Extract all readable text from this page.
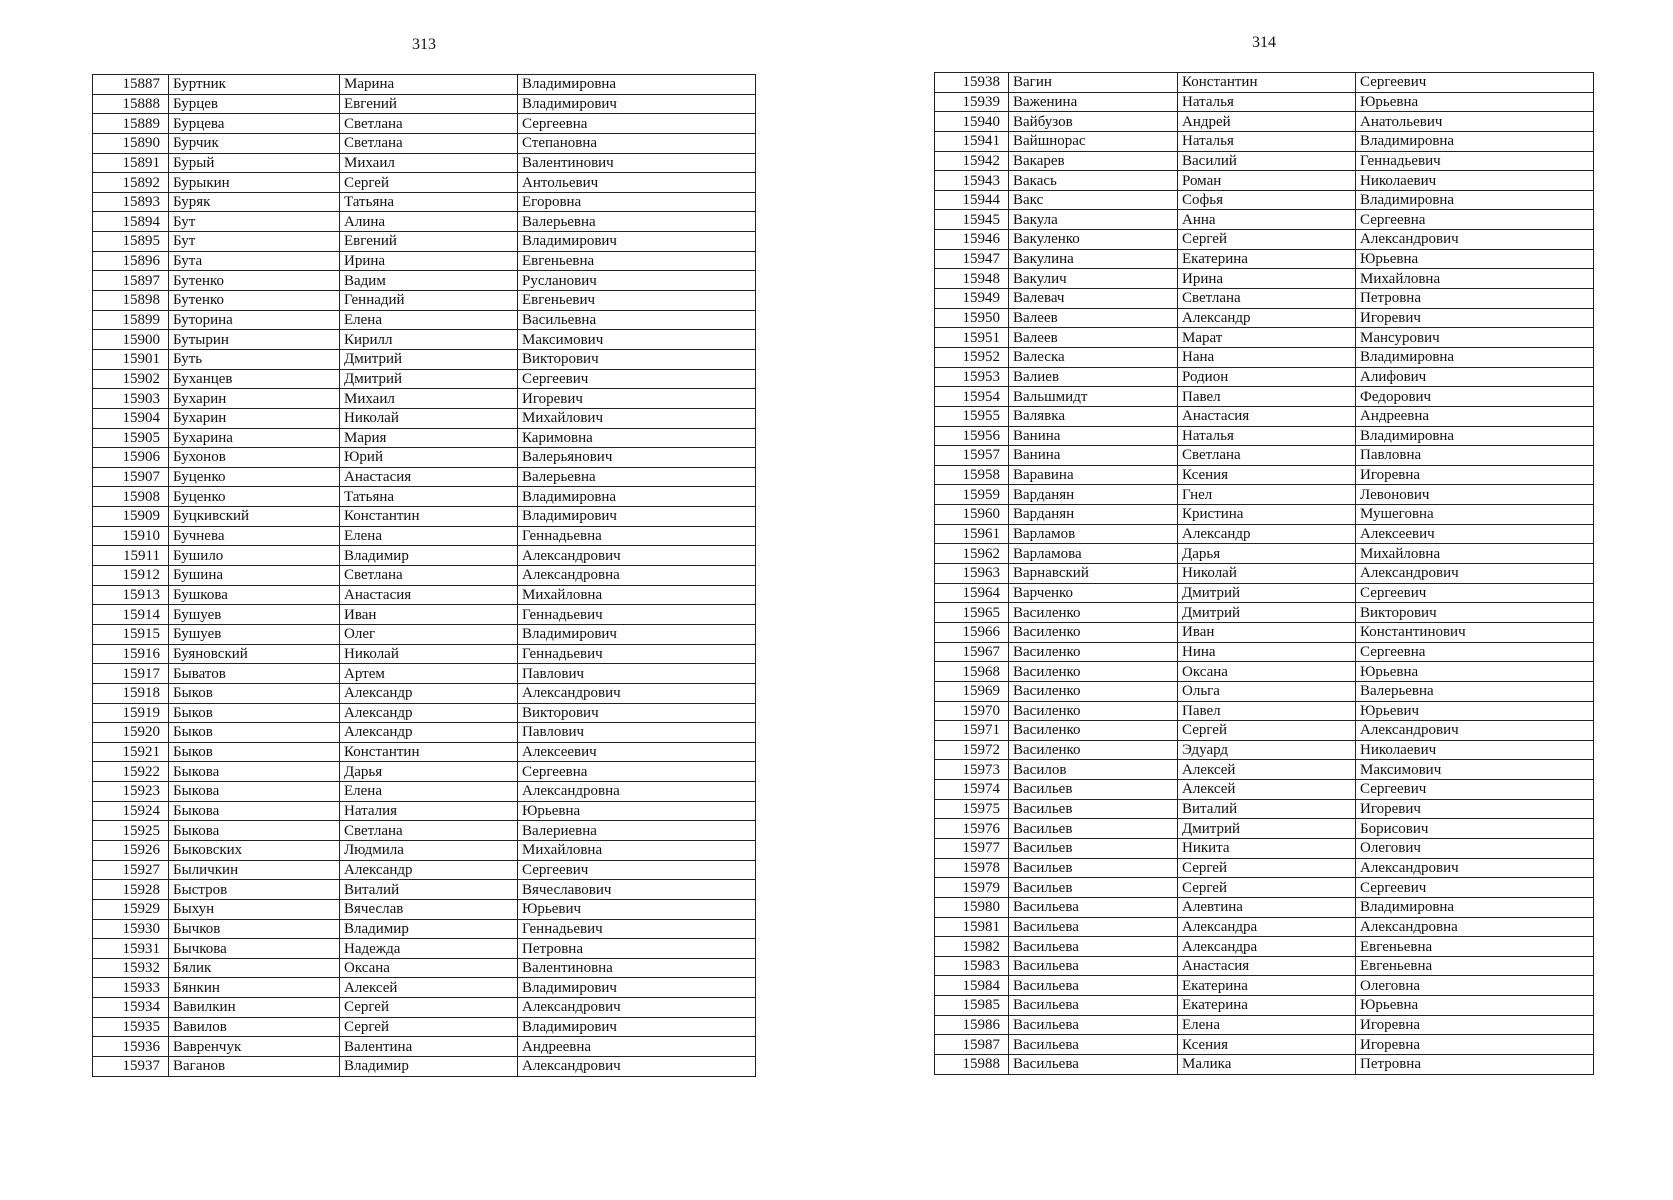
313
15887	Буртник	Марина	Владимировна
15888	Бурцев	Евгений	Владимирович
15889	Бурцева	Светлана	Сергеевна
15890	Бурчик	Светлана	Степановна
15891	Бурый	Михаил	Валентинович
15892	Бурыкин	Сергей	Антольевич
15893	Буряк	Татьяна	Егоровна
15894	Бут	Алина	Валерьевна
15895	Бут	Евгений	Владимирович
15896	Бута	Ирина	Евгеньевна
15897	Бутенко	Вадим	Русланович
15898	Бутенко	Геннадий	Евгеньевич
15899	Буторина	Елена	Васильевна
15900	Бутырин	Кирилл	Максимович
15901	Буть	Дмитрий	Викторович
15902	Буханцев	Дмитрий	Сергеевич
15903	Бухарин	Михаил	Игоревич
15904	Бухарин	Николай	Михайлович
15905	Бухарина	Мария	Каримовна
15906	Бухонов	Юрий	Валерьянович
15907	Буценко	Анастасия	Валерьевна
15908	Буценко	Татьяна	Владимировна
15909	Буцкивский	Константин	Владимирович
15910	Бучнева	Елена	Геннадьевна
15911	Бушило	Владимир	Александрович
15912	Бушина	Светлана	Александровна
15913	Бушкова	Анастасия	Михайловна
15914	Бушуев	Иван	Геннадьевич
15915	Бушуев	Олег	Владимирович
15916	Буяновский	Николай	Геннадьевич
15917	Быватов	Артем	Павлович
15918	Быков	Александр	Александрович
15919	Быков	Александр	Викторович
15920	Быков	Александр	Павлович
15921	Быков	Константин	Алексеевич
15922	Быкова	Дарья	Сергеевна
15923	Быкова	Елена	Александровна
15924	Быкова	Наталия	Юрьевна
15925	Быкова	Светлана	Валериевна
15926	Быковских	Людмила	Михайловна
15927	Быличкин	Александр	Сергеевич
15928	Быстров	Виталий	Вячеславович
15929	Быхун	Вячеслав	Юрьевич
15930	Бычков	Владимир	Геннадьевич
15931	Бычкова	Надежда	Петровна
15932	Бялик	Оксана	Валентиновна
15933	Бянкин	Алексей	Владимирович
15934	Вавилкин	Сергей	Александрович
15935	Вавилов	Сергей	Владимирович
15936	Вавренчук	Валентина	Андреевна
15937	Ваганов	Владимир	Александрович
314
15938	Вагин	Константин	Сергеевич
15939	Важенина	Наталья	Юрьевна
15940	Вайбузов	Андрей	Анатольевич
15941	Вайшнорас	Наталья	Владимировна
15942	Вакарев	Василий	Геннадьевич
15943	Вакась	Роман	Николаевич
15944	Вакс	Софья	Владимировна
15945	Вакула	Анна	Сергеевна
15946	Вакуленко	Сергей	Александрович
15947	Вакулина	Екатерина	Юрьевна
15948	Вакулич	Ирина	Михайловна
15949	Валевач	Светлана	Петровна
15950	Валеев	Александр	Игоревич
15951	Валеев	Марат	Мансурович
15952	Валеска	Нана	Владимировна
15953	Валиев	Родион	Алифович
15954	Вальшмидт	Павел	Федорович
15955	Валявка	Анастасия	Андреевна
15956	Ванина	Наталья	Владимировна
15957	Ванина	Светлана	Павловна
15958	Варавина	Ксения	Игоревна
15959	Варданян	Гнел	Левонович
15960	Варданян	Кристина	Мушеговна
15961	Варламов	Александр	Алексеевич
15962	Варламова	Дарья	Михайловна
15963	Варнавский	Николай	Александрович
15964	Варченко	Дмитрий	Сергеевич
15965	Василенко	Дмитрий	Викторович
15966	Василенко	Иван	Константинович
15967	Василенко	Нина	Сергеевна
15968	Василенко	Оксана	Юрьевна
15969	Василенко	Ольга	Валерьевна
15970	Василенко	Павел	Юрьевич
15971	Василенко	Сергей	Александрович
15972	Василенко	Эдуард	Николаевич
15973	Василов	Алексей	Максимович
15974	Васильев	Алексей	Сергеевич
15975	Васильев	Виталий	Игоревич
15976	Васильев	Дмитрий	Борисович
15977	Васильев	Никита	Олегович
15978	Васильев	Сергей	Александрович
15979	Васильев	Сергей	Сергеевич
15980	Васильева	Алевтина	Владимировна
15981	Васильева	Александра	Александровна
15982	Васильева	Александра	Евгеньевна
15983	Васильева	Анастасия	Евгеньевна
15984	Васильева	Екатерина	Олеговна
15985	Васильева	Екатерина	Юрьевна
15986	Васильева	Елена	Игоревна
15987	Васильева	Ксения	Игоревна
15988	Васильева	Малика	Петровна
